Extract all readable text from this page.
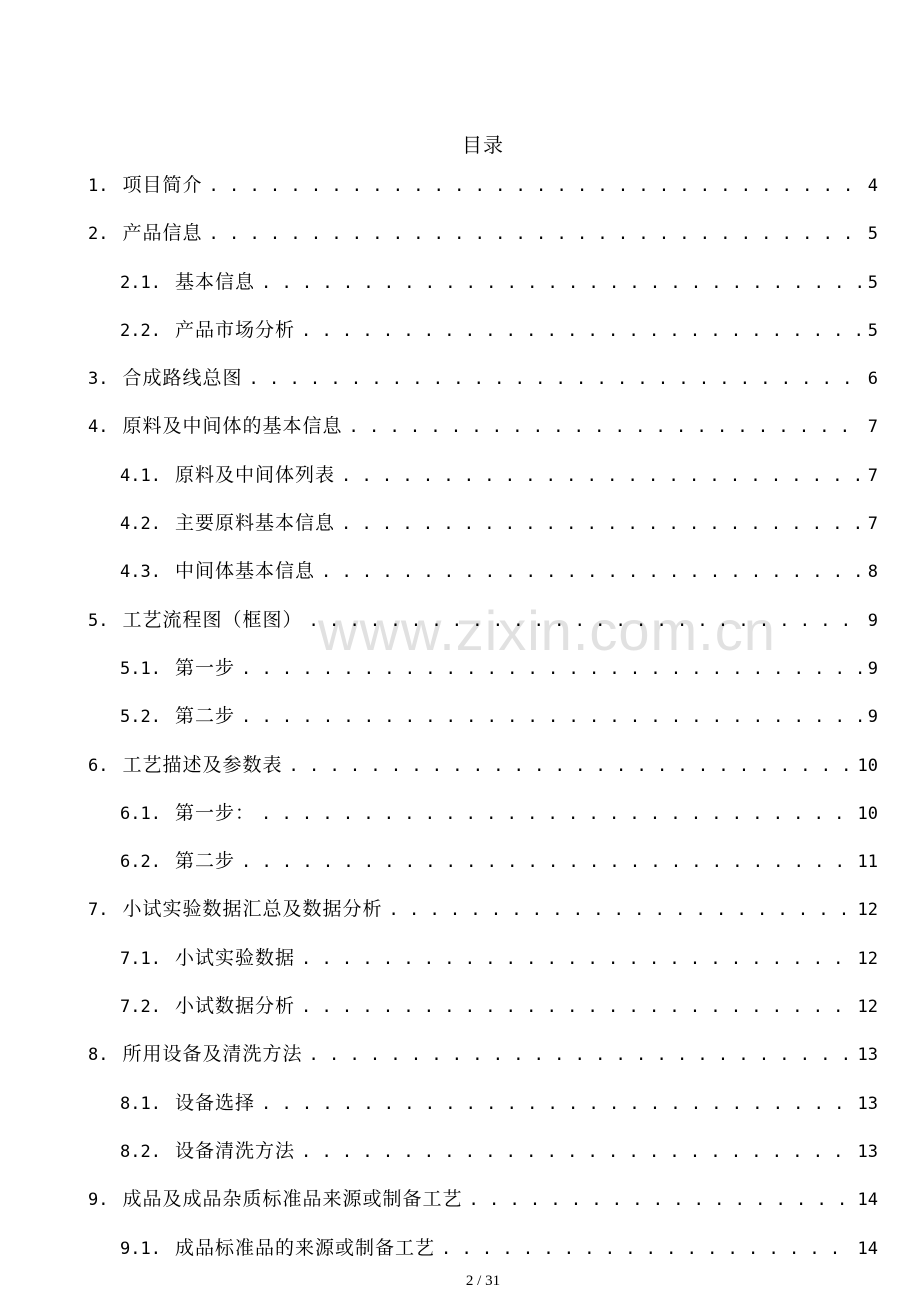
目录
www.zixin.com.cn
1. 项目简介 . . .	4
2. 产品信息 . . .	5
2.1. 基本信息 . . .	5
2.2. 产品市场分析 . . .	5
3. 合成路线总图 . . .	6
4. 原料及中间体的基本信息 . . .	7
4.1. 原料及中间体列表 . . .	7
4.2. 主要原料基本信息 . . .	7
4.3. 中间体基本信息 . . .	8
5. 工艺流程图（框图） . . .	9
5.1. 第一步 . . .	9
5.2. 第二步 . . .	9
6. 工艺描述及参数表 . . .	10
6.1. 第一步： . . .	10
6.2. 第二步 . . .	11
7. 小试实验数据汇总及数据分析 . . .	12
7.1. 小试实验数据 . . .	12
7.2. 小试数据分析 . . .	12
8. 所用设备及清洗方法 . . .	13
8.1. 设备选择 . . .	13
8.2. 设备清洗方法 . . .	13
9. 成品及成品杂质标准品来源或制备工艺 . . .	14
9.1. 成品标准品的来源或制备工艺 . . .	14
2 / 31
